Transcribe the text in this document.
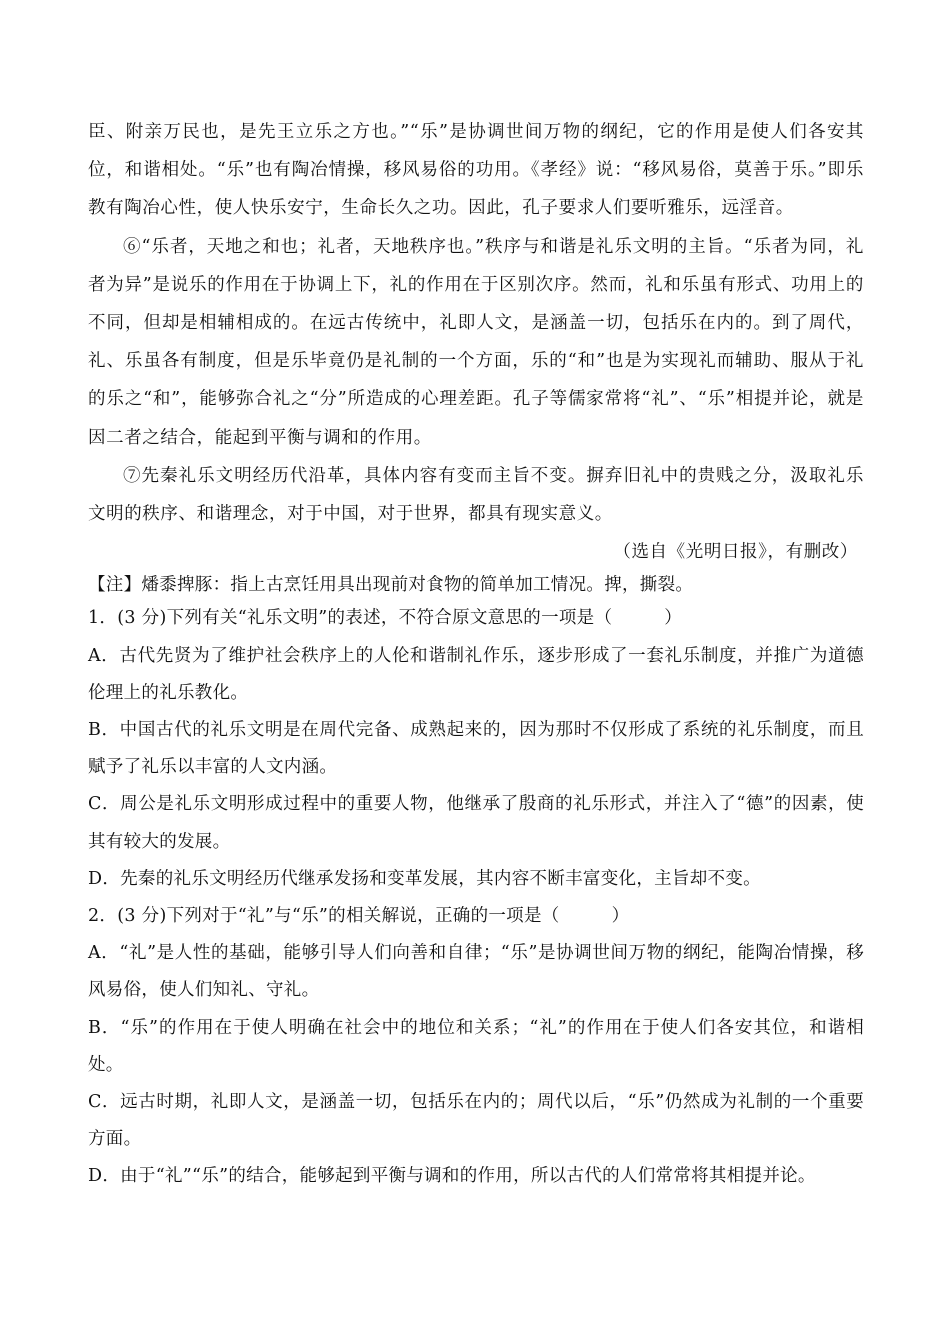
臣、附亲万民也，是先王立乐之方也。”“乐”是协调世间万物的纲纪，它的作用是使人们各安其位，和谐相处。“乐”也有陶冶情操，移风易俗的功用。《孝经》说：“移风易俗，莫善于乐。”即乐教有陶冶心性，使人快乐安宁，生命长久之功。因此，孔子要求人们要听雅乐，远淫音。

⑥“乐者，天地之和也；礼者，天地秩序也。”秩序与和谐是礼乐文明的主旨。“乐者为同，礼者为异”是说乐的作用在于协调上下，礼的作用在于区别次序。然而，礼和乐虽有形式、功用上的不同，但却是相辅相成的。在远古传统中，礼即人文，是涵盖一切，包括乐在内的。到了周代，礼、乐虽各有制度，但是乐毕竟仍是礼制的一个方面，乐的“和”也是为实现礼而辅助、服从于礼的乐之“和”，能够弥合礼之“分”所造成的心理差距。孔子等儒家常将“礼”、“乐”相提并论，就是因二者之结合，能起到平衡与调和的作用。

⑦先秦礼乐文明经历代沿革，具体内容有变而主旨不变。摒弃旧礼中的贵贱之分，汲取礼乐文明的秩序、和谐理念，对于中国，对于世界，都具有现实意义。

（选自《光明日报》，有删改）

【注】燔黍捭豚：指上古烹饪用具出现前对食物的简单加工情况。捭，撕裂。

1．(3 分)下列有关“礼乐文明”的表述，不符合原文意思的一项是（	）

A．古代先贤为了维护社会秩序上的人伦和谐制礼作乐，逐步形成了一套礼乐制度，并推广为道德伦理上的礼乐教化。

B．中国古代的礼乐文明是在周代完备、成熟起来的，因为那时不仅形成了系统的礼乐制度，而且赋予了礼乐以丰富的人文内涵。

C．周公是礼乐文明形成过程中的重要人物，他继承了殷商的礼乐形式，并注入了“德”的因素，使其有较大的发展。

D．先秦的礼乐文明经历代继承发扬和变革发展，其内容不断丰富变化，主旨却不变。

2．(3 分)下列对于“礼”与“乐”的相关解说，正确的一项是（	）

A．“礼”是人性的基础，能够引导人们向善和自律；“乐”是协调世间万物的纲纪，能陶冶情操，移风易俗，使人们知礼、守礼。

B．“乐”的作用在于使人明确在社会中的地位和关系；“礼”的作用在于使人们各安其位，和谐相处。

C．远古时期，礼即人文，是涵盖一切，包括乐在内的；周代以后，“乐”仍然成为礼制的一个重要方面。

D．由于“礼”“乐”的结合，能够起到平衡与调和的作用，所以古代的人们常常将其相提并论。
